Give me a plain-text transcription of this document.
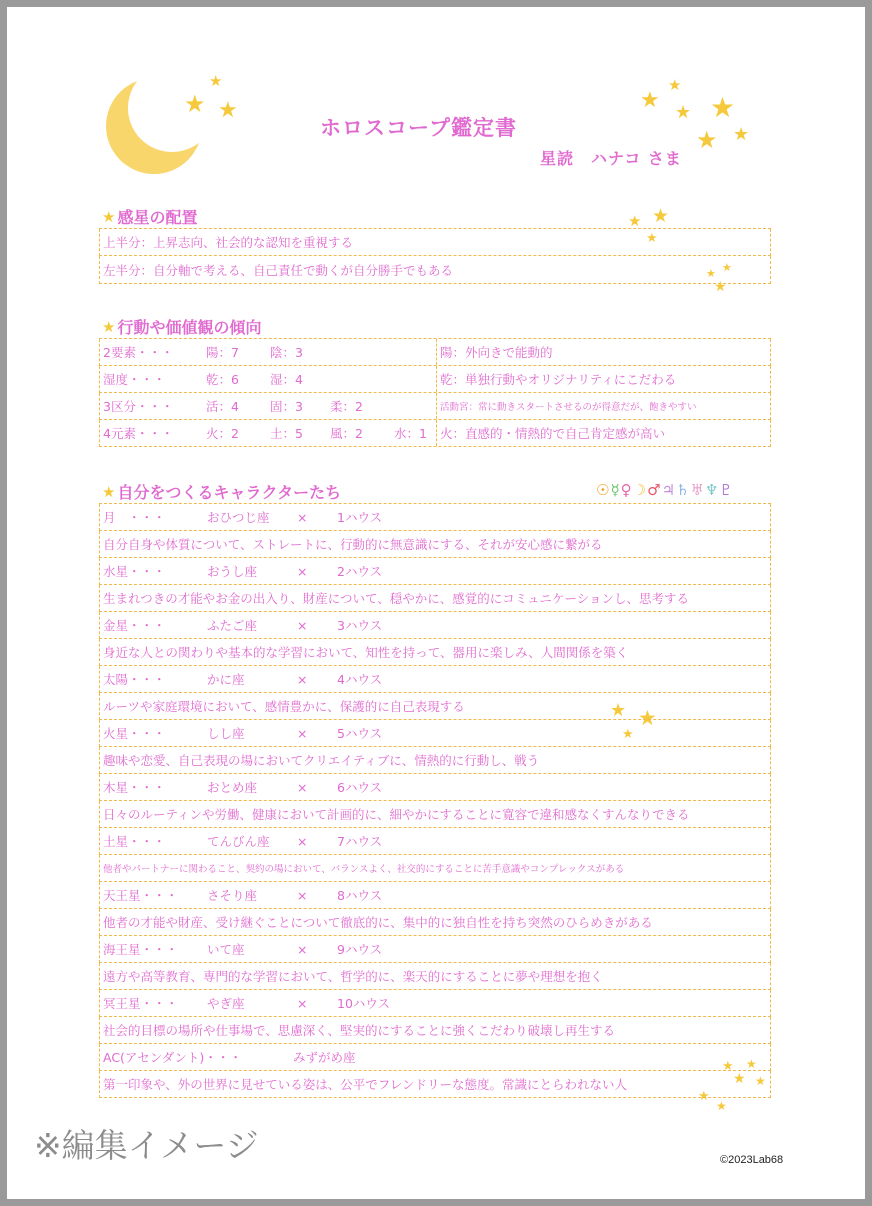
★
★
★	★
★
★ ★
★ ★
★ ★
★
★ ★
★
★ ★
★
★ ★
★ ★
★
★
ホロスコープ鑑定書
星読　ハナコ さま
★ 感星の配置
上半分：上昇志向、社会的な認知を重視する
左半分：自分軸で考える、自己責任で動くが自分勝手でもある
★ 行動や価値観の傾向
2要素・・・	陽：7	陰：3	陽：外向きで能動的
湿度・・・	乾：6	湿：4	乾：単独行動やオリジナリティにこだわる
3区分・・・	活：4	固：3	柔：2	活動宮：常に動きスタートさせるのが得意だが、飽きやすい
4元素・・・	火：2	土：5	風：2	水：1	火：直感的・情熱的で自己肯定感が高い
★ 自分をつくるキャラクターたち	☉☿♀☽♂♃♄♅♆♇
月　・・・	おひつじ座 × 1ハウス
自分自身や体質について、ストレートに、行動的に無意識にする、それが安心感に繋がる
水星・・・	おうし座	× 2ハウス
生まれつきの才能やお金の出入り、財産について、穏やかに、感覚的にコミュニケーションし、思考する
金星・・・	ふたご座	× 3ハウス
身近な人との関わりや基本的な学習において、知性を持って、器用に楽しみ、人間関係を築く
太陽・・・	かに座	× 4ハウス
ルーツや家庭環境において、感情豊かに、保護的に自己表現する
火星・・・	しし座	× 5ハウス
趣味や恋愛、自己表現の場においてクリエイティブに、情熱的に行動し、戦う
木星・・・	おとめ座	× 6ハウス
日々のルーティンや労働、健康において計画的に、細やかにすることに寛容で違和感なくすんなりできる
土星・・・	てんびん座 × 7ハウス
他者やパートナーに関わること、契約の場において、バランスよく、社交的にすることに苦手意識やコンプレックスがある
天王星・・・ さそり座	× 8ハウス
他者の才能や財産、受け継ぐことについて徹底的に、集中的に独自性を持ち突然のひらめきがある
海王星・・・ いて座	× 9ハウス
遠方や高等教育、専門的な学習において、哲学的に、楽天的にすることに夢や理想を抱く
冥王星・・・ やぎ座	× 10ハウス
社会的目標の場所や仕事場で、思慮深く、堅実的にすることに強くこだわり破壊し再生する
AC(アセンダント)・・・	みずがめ座
第一印象や、外の世界に見せている姿は、公平でフレンドリーな態度。常識にとらわれない人
※編集イメージ	©2023Lab68
